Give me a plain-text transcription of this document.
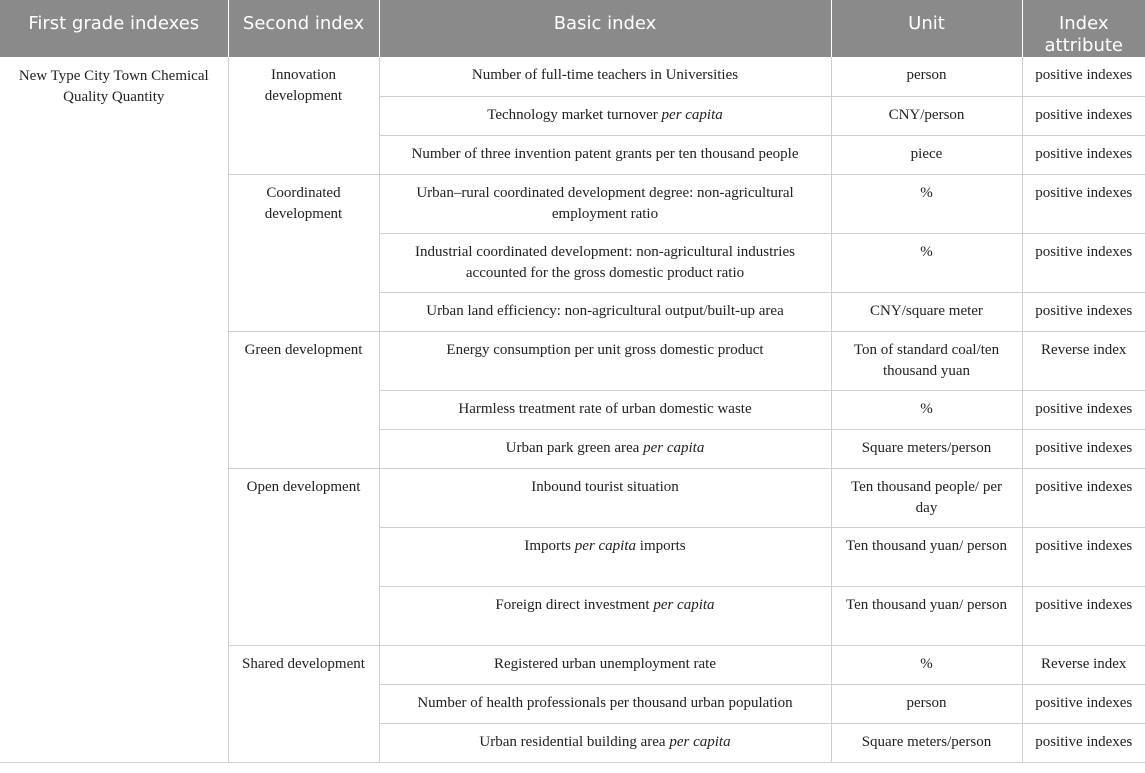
First grade indexes	Second index	Basic index	Unit	Index attribute
New Type City Town Chemical Quality Quantity	Innovation development	Number of full-time teachers in Universities	person	positive indexes
		Technology market turnover per capita	CNY/person	positive indexes
		Number of three invention patent grants per ten thousand people	piece	positive indexes
	Coordinated development	Urban–rural coordinated development degree: non-agricultural employment ratio	%	positive indexes
		Industrial coordinated development: non-agricultural industries accounted for the gross domestic product ratio	%	positive indexes
		Urban land efficiency: non-agricultural output/built-up area	CNY/square meter	positive indexes
	Green development	Energy consumption per unit gross domestic product	Ton of standard coal/ten thousand yuan	Reverse index
		Harmless treatment rate of urban domestic waste	%	positive indexes
		Urban park green area per capita	Square meters/person	positive indexes
	Open development	Inbound tourist situation	Ten thousand people/ per day	positive indexes
		Imports per capita imports	Ten thousand yuan/ person	positive indexes
		Foreign direct investment per capita	Ten thousand yuan/ person	positive indexes
	Shared development	Registered urban unemployment rate	%	Reverse index
		Number of health professionals per thousand urban population	person	positive indexes
		Urban residential building area per capita	Square meters/person	positive indexes
